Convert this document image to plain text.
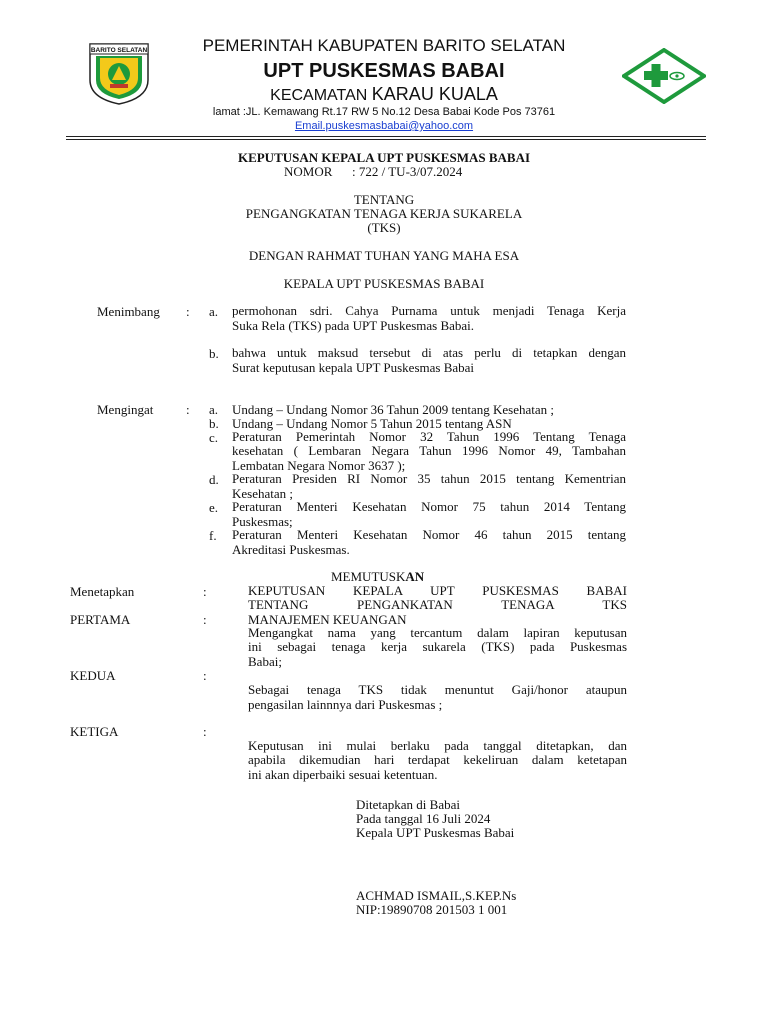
BARITO SELATAN	PEMERINTAH KABUPATEN BARITO SELATAN
UPT PUSKESMAS BABAI
KECAMATAN KARAU KUALA
lamat :JL. Kemawang Rt.17 RW 5 No.12 Desa Babai Kode Pos 73761
Email.puskesmasbabai@yahoo.com
KEPUTUSAN KEPALA UPT PUSKESMAS BABAI
NOMOR : 722 / TU-3/07.2024
TENTANG
PENGANGKATAN TENAGA KERJA SUKARELA
(TKS)
DENGAN RAHMAT TUHAN YANG MAHA ESA
KEPALA UPT PUSKESMAS BABAI
Menimbang : a. permohonan sdri. Cahya Purnama untuk menjadi Tenaga Kerja
Suka Rela (TKS) pada UPT Puskesmas Babai.
b. bahwa untuk maksud tersebut di atas perlu di tetapkan dengan
Surat keputusan kepala UPT Puskesmas Babai
Mengingat	: a. Undang – Undang Nomor 36 Tahun 2009 tentang Kesehatan ;
b. Undang – Undang Nomor 5 Tahun 2015 tentang ASN
c. Peraturan Pemerintah Nomor 32 Tahun 1996 Tentang Tenaga
kesehatan ( Lembaran Negara Tahun 1996 Nomor 49, Tambahan
Lembatan Negara Nomor 3637 );
d. Peraturan Presiden RI Nomor 35 tahun 2015 tentang Kementrian
Kesehatan ;
e. Peraturan Menteri Kesehatan Nomor 75 tahun 2014 Tentang
Puskesmas;
f. Peraturan Menteri Kesehatan Nomor 46 tahun 2015 tentang
Akreditasi Puskesmas.
MEMUTUSKAN
Menetapkan	:	KEPUTUSAN KEPALA UPT PUSKESMAS BABAI
TENTANG PENGANKATAN TENAGA TKS
MANAJEMEN KEUANGAN
PERTAMA	:
Mengangkat nama yang tercantum dalam lapiran keputusan
ini sebagai tenaga kerja sukarela (TKS) pada Puskesmas
Babai;
KEDUA	:
Sebagai tenaga TKS tidak menuntut Gaji/honor ataupun
pengasilan lainnnya dari Puskesmas ;
KETIGA	:
Keputusan ini mulai berlaku pada tanggal ditetapkan, dan
apabila dikemudian hari terdapat kekeliruan dalam ketetapan
ini akan diperbaiki sesuai ketentuan.
Ditetapkan di Babai
Pada tanggal 16 Juli 2024
Kepala UPT Puskesmas Babai
ACHMAD ISMAIL,S.KEP.Ns
NIP:19890708 201503 1 001
